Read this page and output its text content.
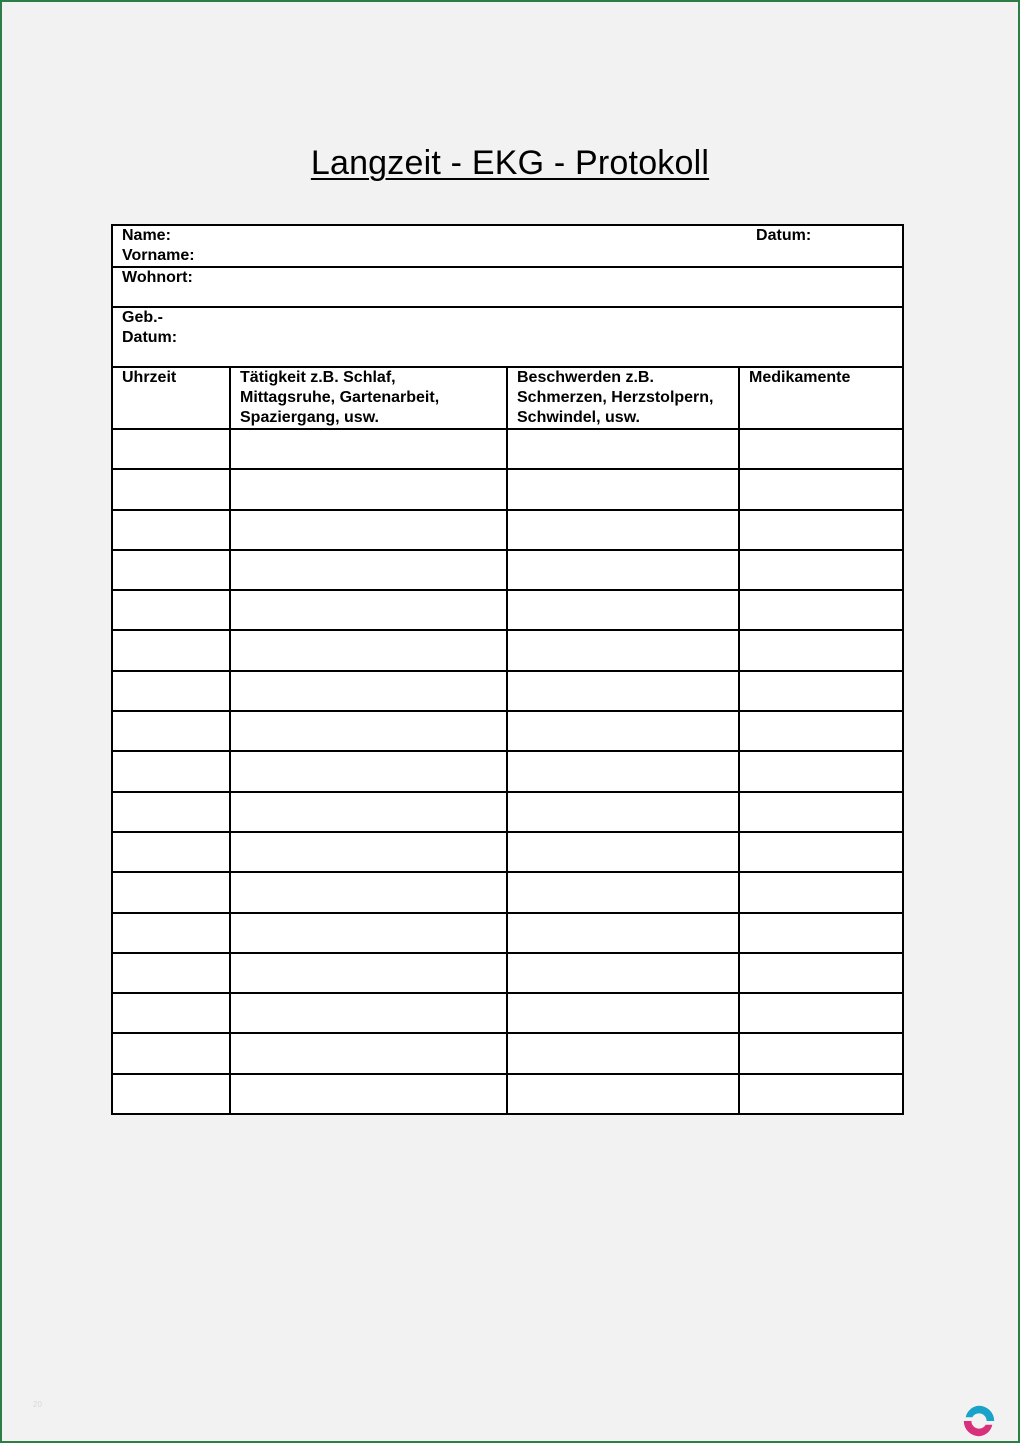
Langzeit - EKG - Protokoll
Name:
Vorname:
Datum:			

Wohnort:			

Geb.-
Datum:			

Uhrzeit	Tätigkeit z.B. Schlaf,
Mittagsruhe, Gartenarbeit,
Spaziergang, usw.	Beschwerden z.B.
Schmerzen, Herzstolpern,
Schwindel, usw.	Medikamente

20
